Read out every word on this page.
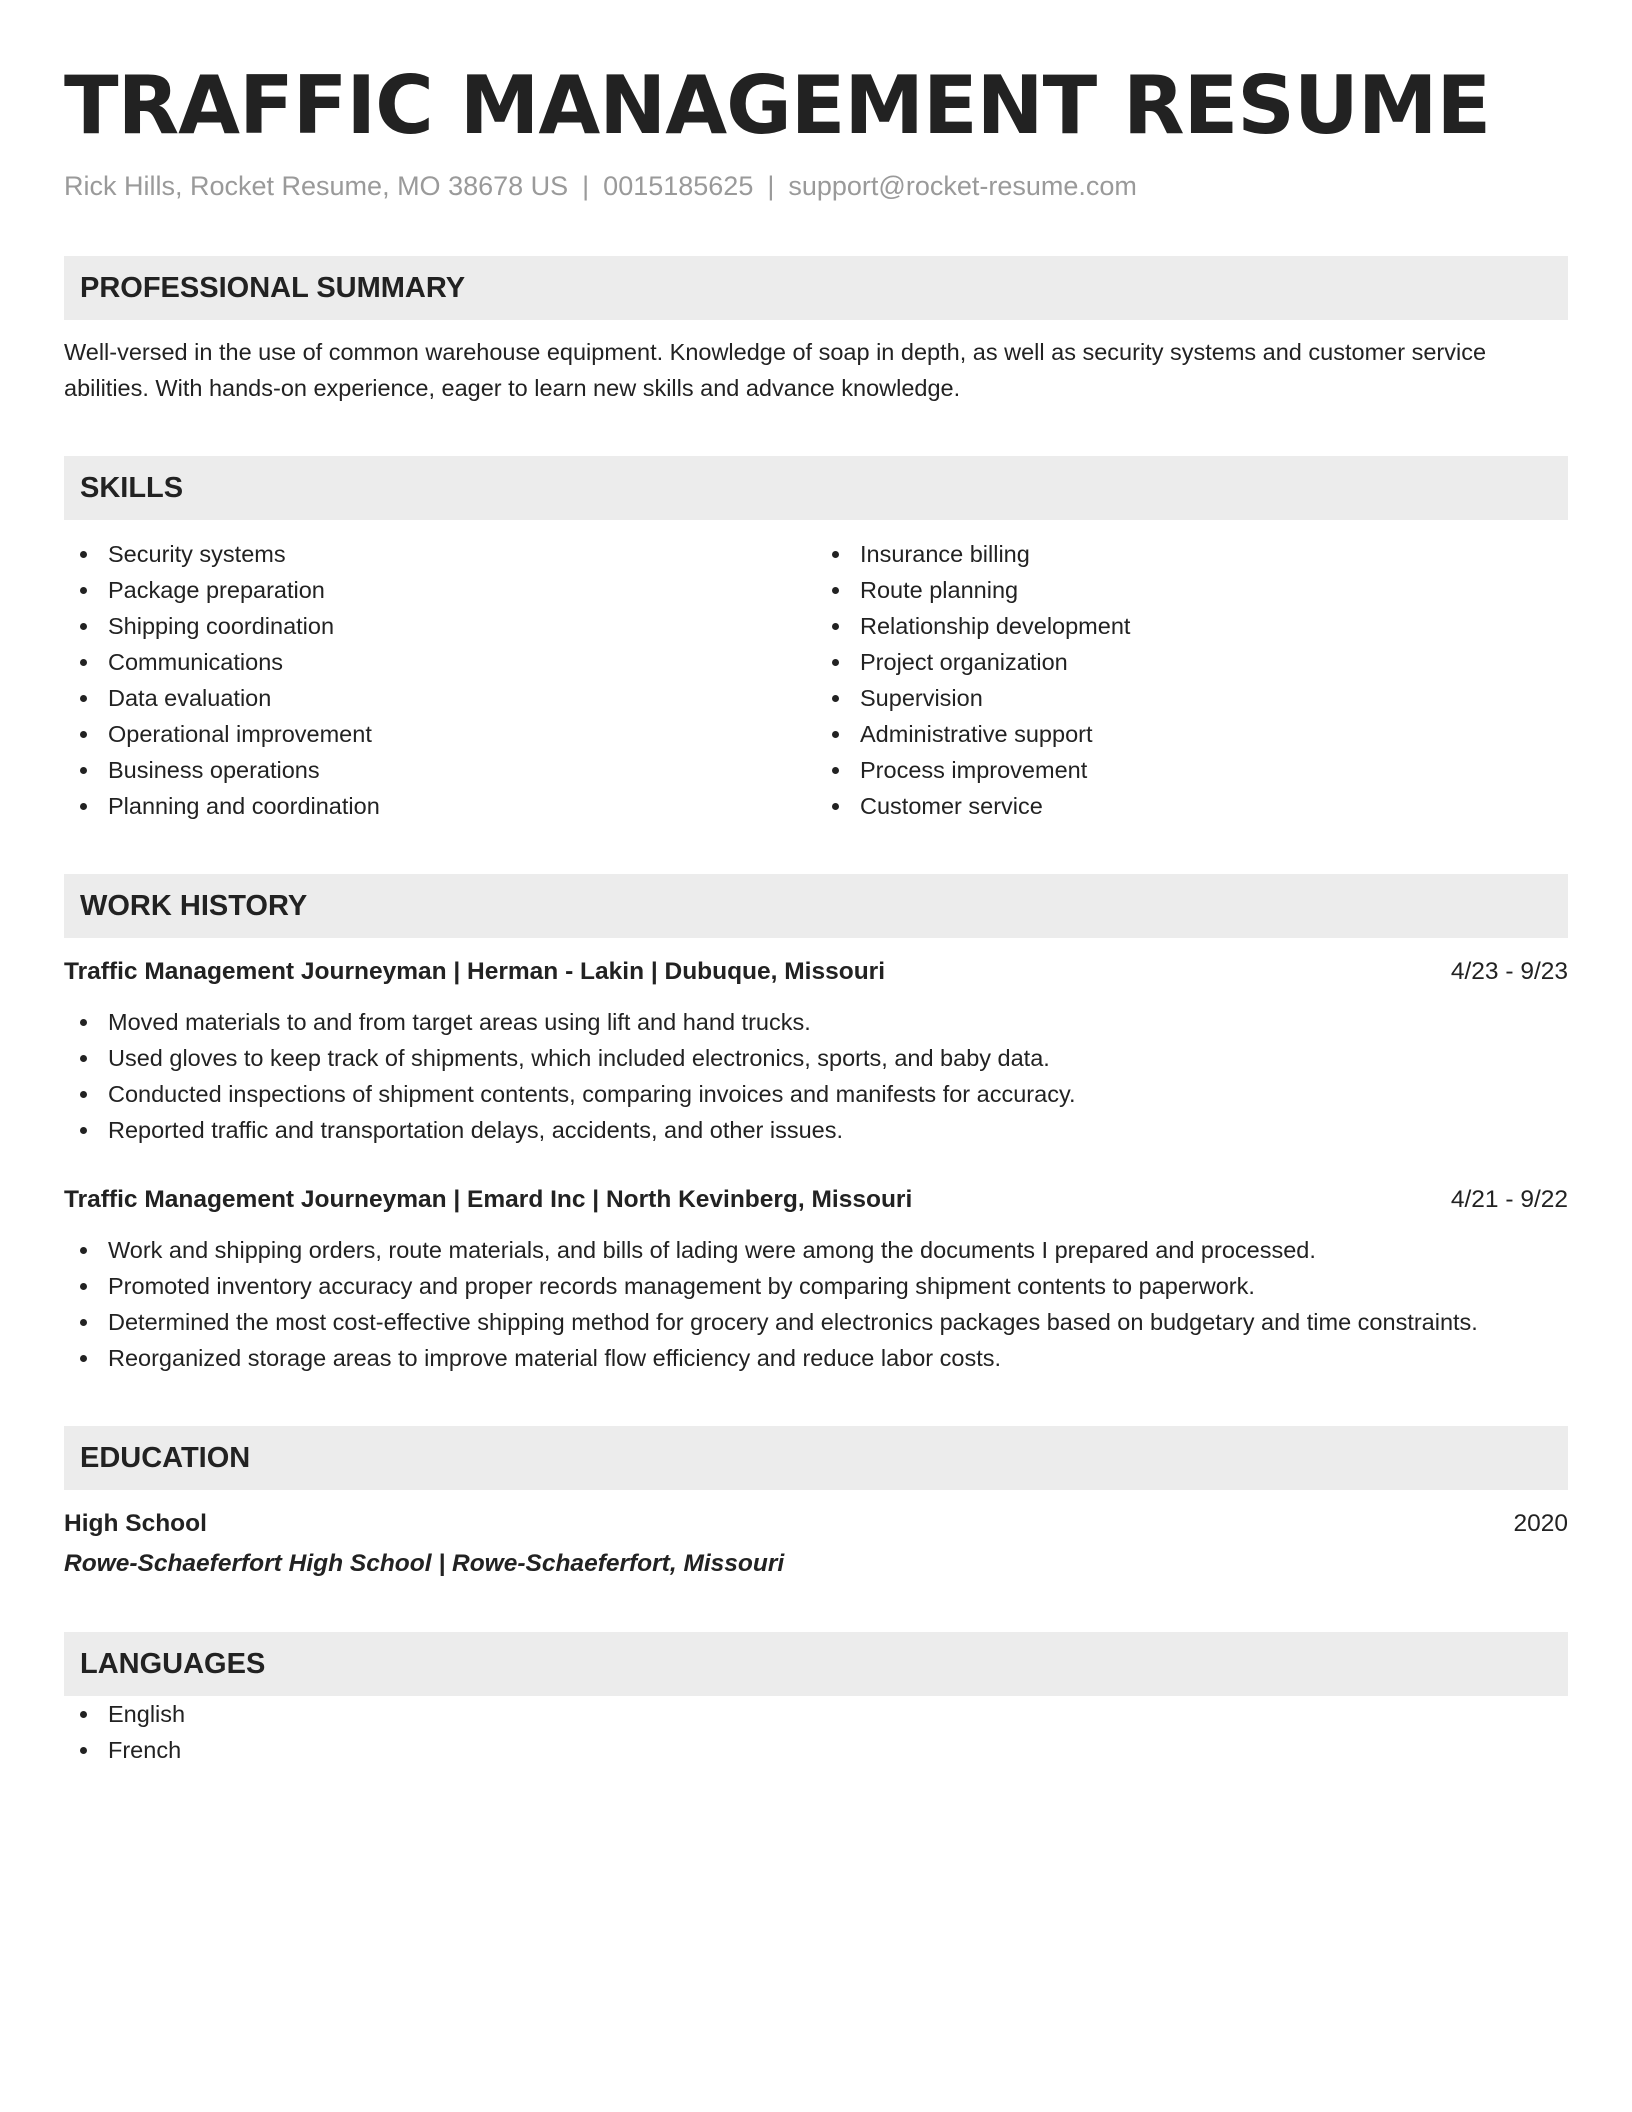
TRAFFIC MANAGEMENT RESUME
Rick Hills, Rocket Resume, MO 38678 US | 0015185625 | support@rocket-resume.com
PROFESSIONAL SUMMARY
Well-versed in the use of common warehouse equipment. Knowledge of soap in depth, as well as security systems and customer service abilities. With hands-on experience, eager to learn new skills and advance knowledge.
SKILLS
Security systems
Package preparation
Shipping coordination
Communications
Data evaluation
Operational improvement
Business operations
Planning and coordination
Insurance billing
Route planning
Relationship development
Project organization
Supervision
Administrative support
Process improvement
Customer service
WORK HISTORY
Traffic Management Journeyman | Herman - Lakin | Dubuque, Missouri	4/23 - 9/23
Moved materials to and from target areas using lift and hand trucks.
Used gloves to keep track of shipments, which included electronics, sports, and baby data.
Conducted inspections of shipment contents, comparing invoices and manifests for accuracy.
Reported traffic and transportation delays, accidents, and other issues.
Traffic Management Journeyman | Emard Inc | North Kevinberg, Missouri	4/21 - 9/22
Work and shipping orders, route materials, and bills of lading were among the documents I prepared and processed.
Promoted inventory accuracy and proper records management by comparing shipment contents to paperwork.
Determined the most cost-effective shipping method for grocery and electronics packages based on budgetary and time constraints.
Reorganized storage areas to improve material flow efficiency and reduce labor costs.
EDUCATION
High School	2020
Rowe-Schaeferfort High School | Rowe-Schaeferfort, Missouri
LANGUAGES
English
French
